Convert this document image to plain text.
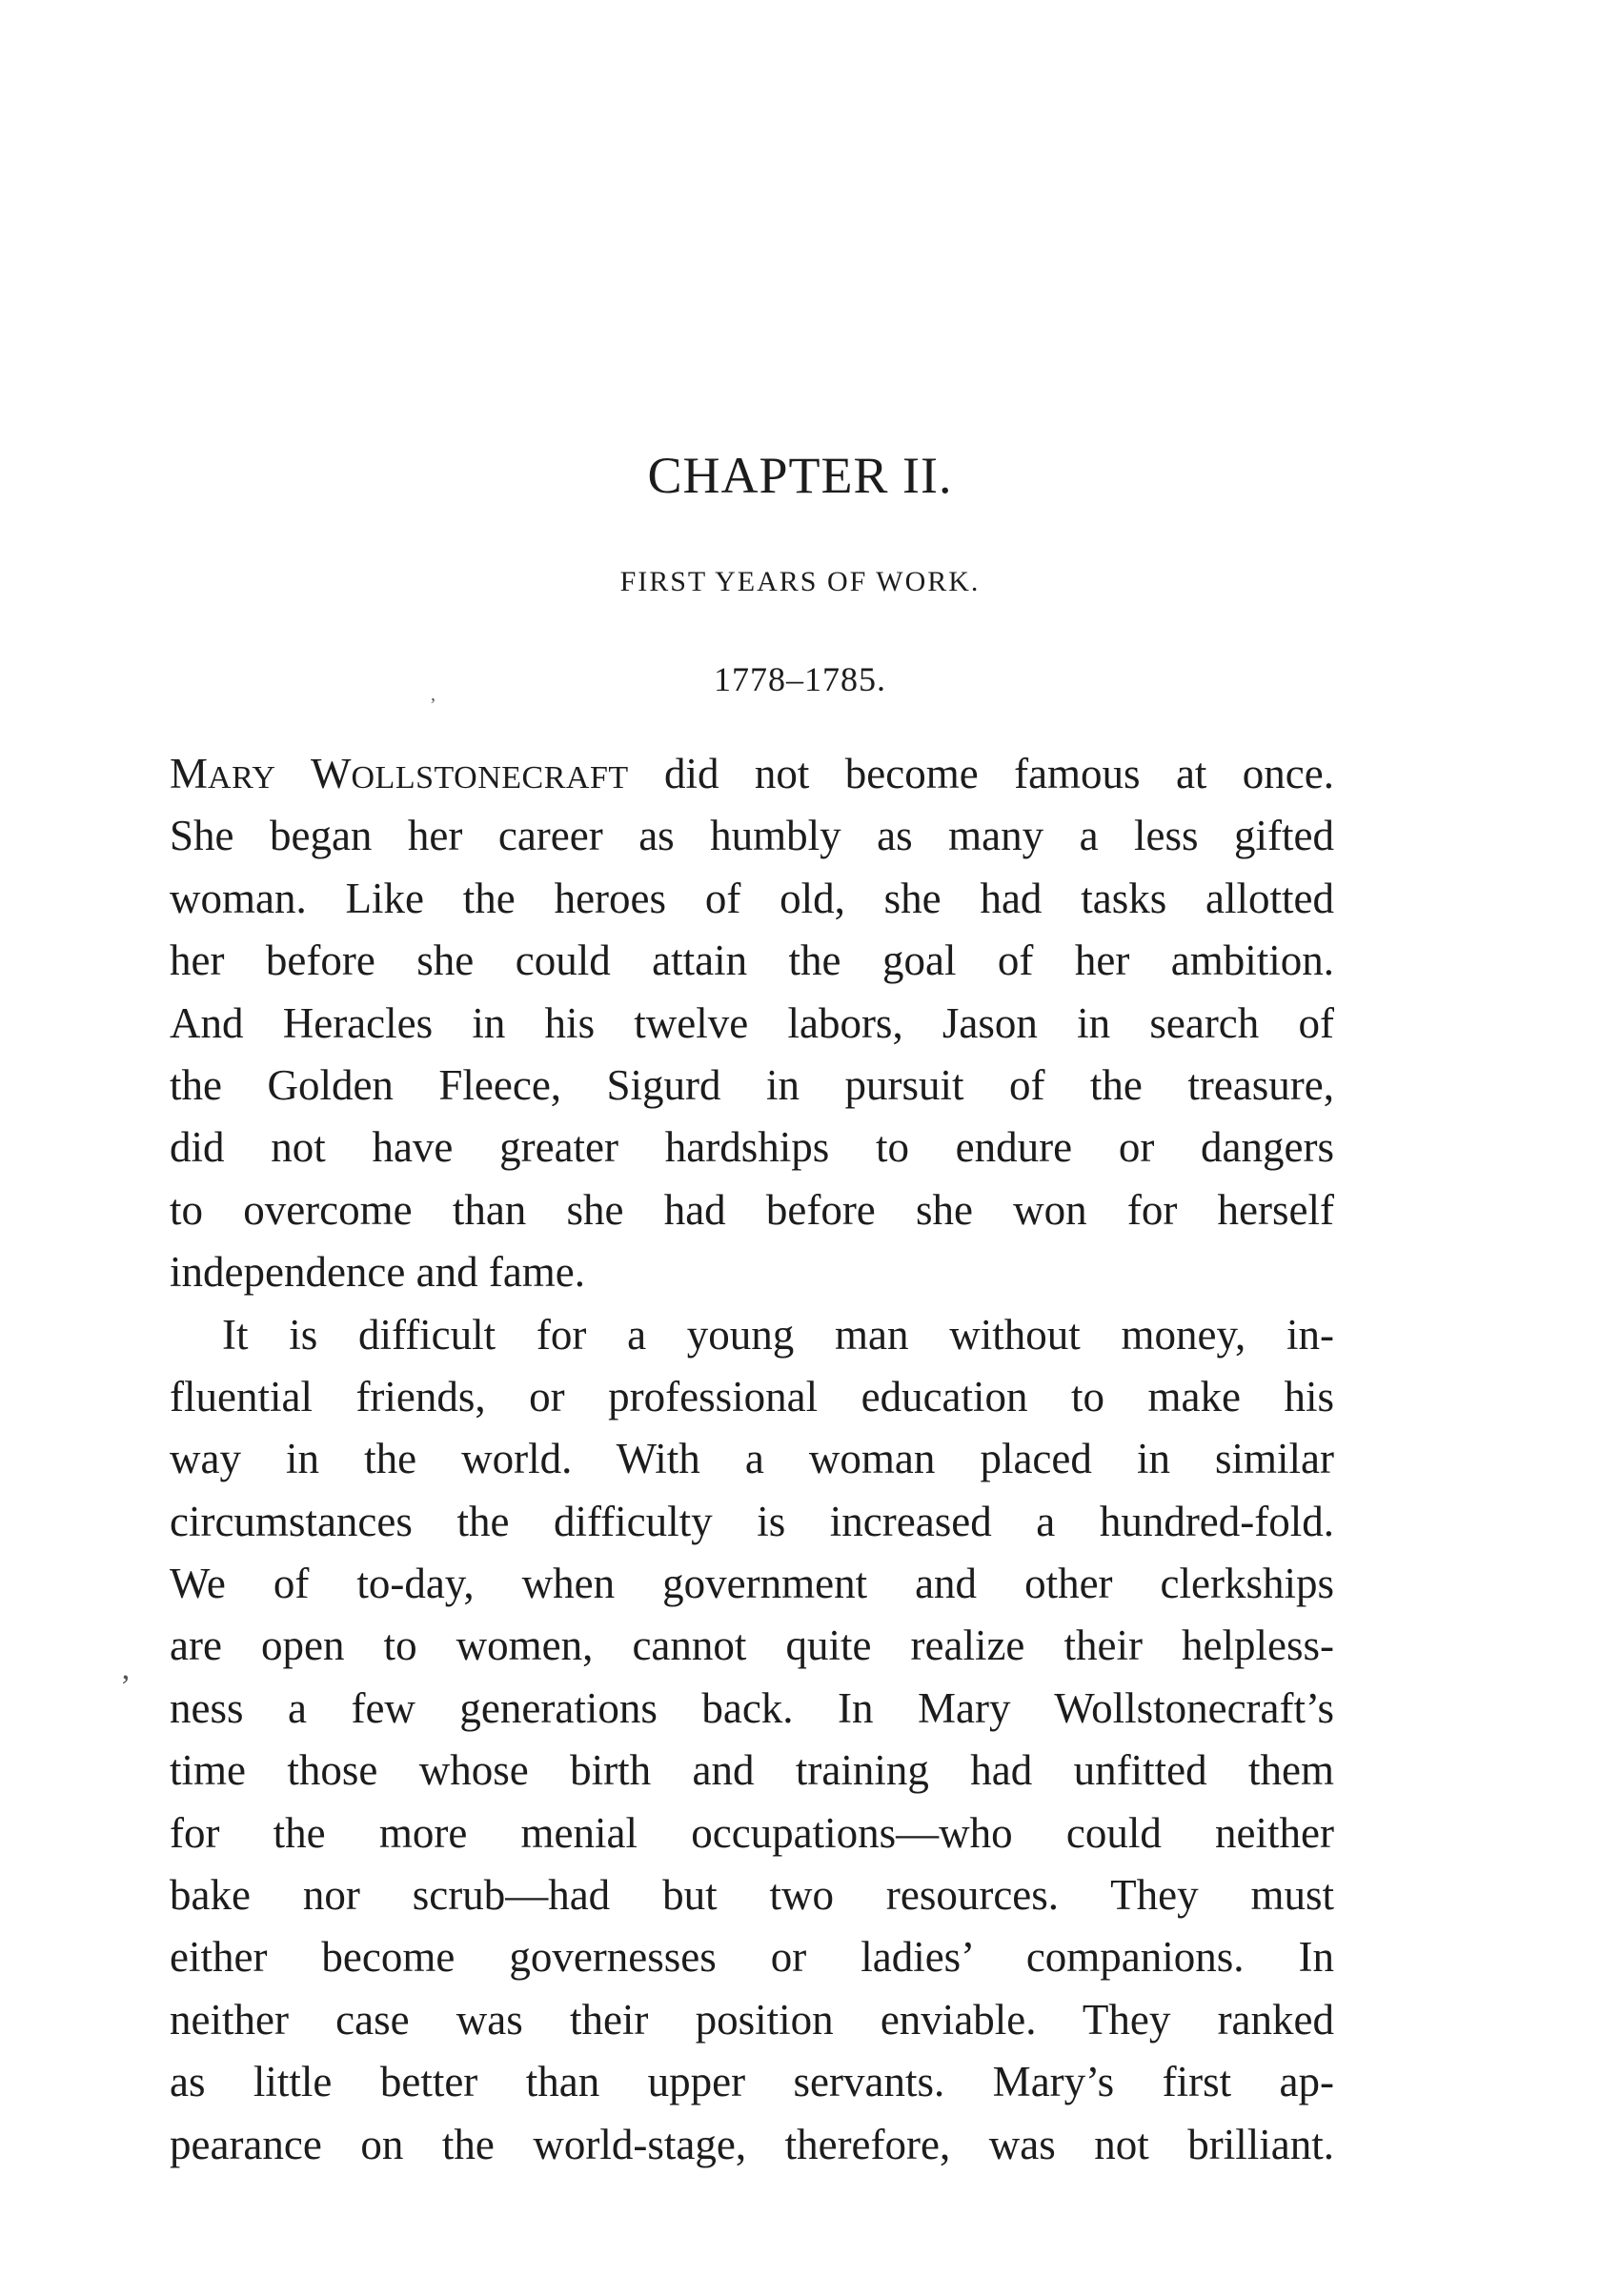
CHAPTER II.
FIRST YEARS OF WORK.
1778–1785.
MARY WOLLSTONECRAFT did not become famous at once.
She began her career as humbly as many a less gifted
woman. Like the heroes of old, she had tasks allotted
her before she could attain the goal of her ambition.
And Heracles in his twelve labors, Jason in search of
the Golden Fleece, Sigurd in pursuit of the treasure,
did not have greater hardships to endure or dangers
to overcome than she had before she won for herself
independence and fame.
It is difficult for a young man without money, in-
fluential friends, or professional education to make his
way in the world. With a woman placed in similar
circumstances the difficulty is increased a hundred-fold.
We of to-day, when government and other clerkships
are open to women, cannot quite realize their helpless-
ness a few generations back. In Mary Wollstonecraft’s
time those whose birth and training had unfitted them
for the more menial occupations—who could neither
bake nor scrub—had but two resources. They must
either become governesses or ladies’ companions. In
neither case was their position enviable. They ranked
as little better than upper servants. Mary’s first ap-
pearance on the world-stage, therefore, was not brilliant.
ʼ
,
